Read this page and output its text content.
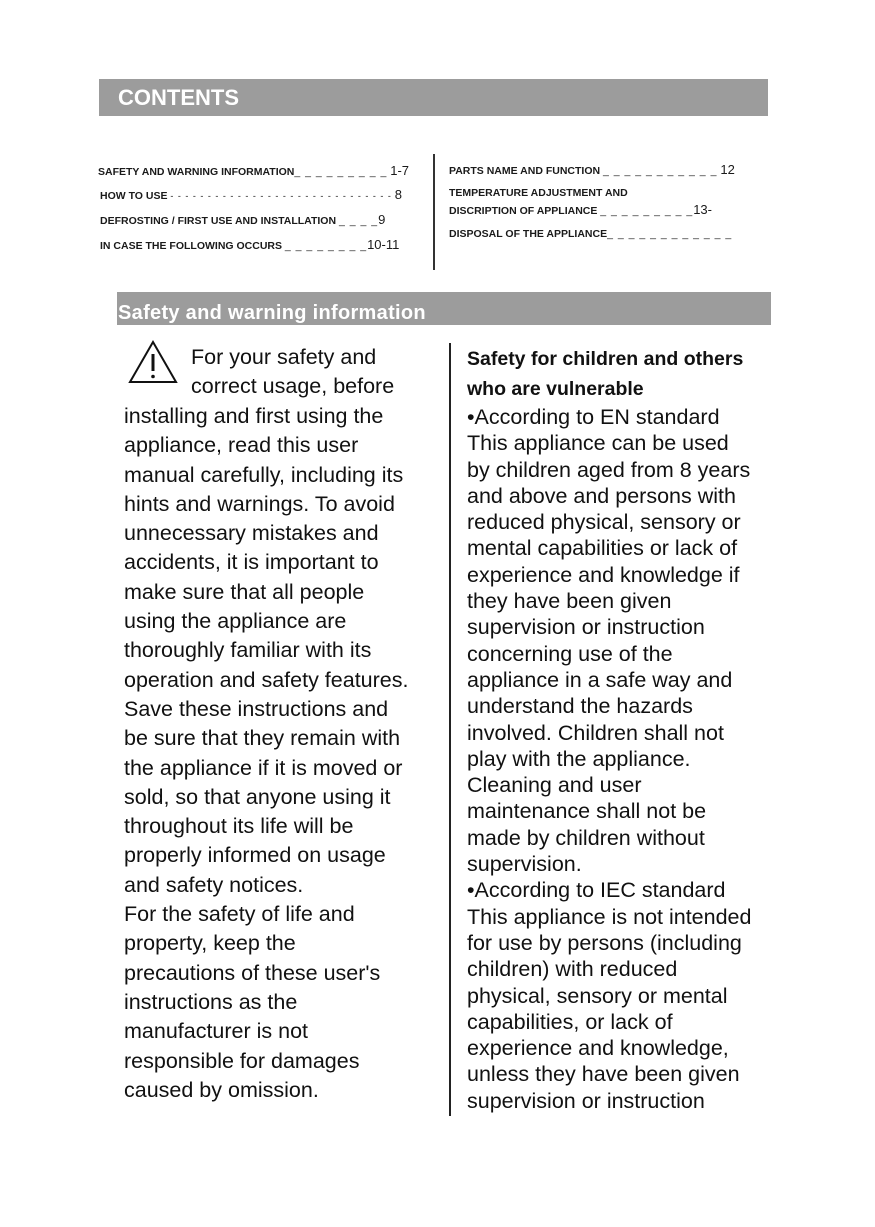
CONTENTS
SAFETY AND WARNING INFORMATION_ _ _ _ _ _ _ _ _ 1-7
HOW TO USE - - - - - - - - - - - - - - - - - - - - - - - - - - - - - - 8
DEFROSTING / FIRST USE AND INSTALLATION _ _ _ _9
IN CASE THE FOLLOWING OCCURS _ _ _ _ _ _ _ _10-11
PARTS NAME AND FUNCTION _ _ _ _ _ _ _ _ _ _ _ 12
TEMPERATURE ADJUSTMENT AND
DISCRIPTION OF APPLIANCE _ _ _ _ _ _ _ _ _13-
DISPOSAL OF THE APPLIANCE_ _ _ _ _ _ _ _ _ _ _ _
Safety and warning information
For your safety and
correct usage, before
installing and first using the
appliance, read this user
manual carefully, including its
hints and warnings. To avoid
unnecessary mistakes and
accidents, it is important to
make sure that all people
using the appliance are
thoroughly familiar with its
operation and safety features.
Save these instructions and
be sure that they remain with
the appliance if it is moved or
sold, so that anyone using it
throughout its life will be
properly informed on usage
and safety notices.
For the safety of life and
property, keep the
precautions of these user's
instructions as the
manufacturer is not
responsible for damages
caused by omission.
Safety for children and others
who are vulnerable
•According to EN standard
This appliance can be used
by children aged from 8 years
and above and persons with
reduced physical, sensory or
mental capabilities or lack of
experience and knowledge if
they have been given
supervision or instruction
concerning use of the
appliance in a safe way and
understand the hazards
involved. Children shall not
play with the appliance.
Cleaning and user
maintenance shall not be
made by children without
supervision.
•According to IEC standard
This appliance is not intended
for use by persons (including
children) with reduced
physical, sensory or mental
capabilities, or lack of
experience and knowledge,
unless they have been given
supervision or instruction
